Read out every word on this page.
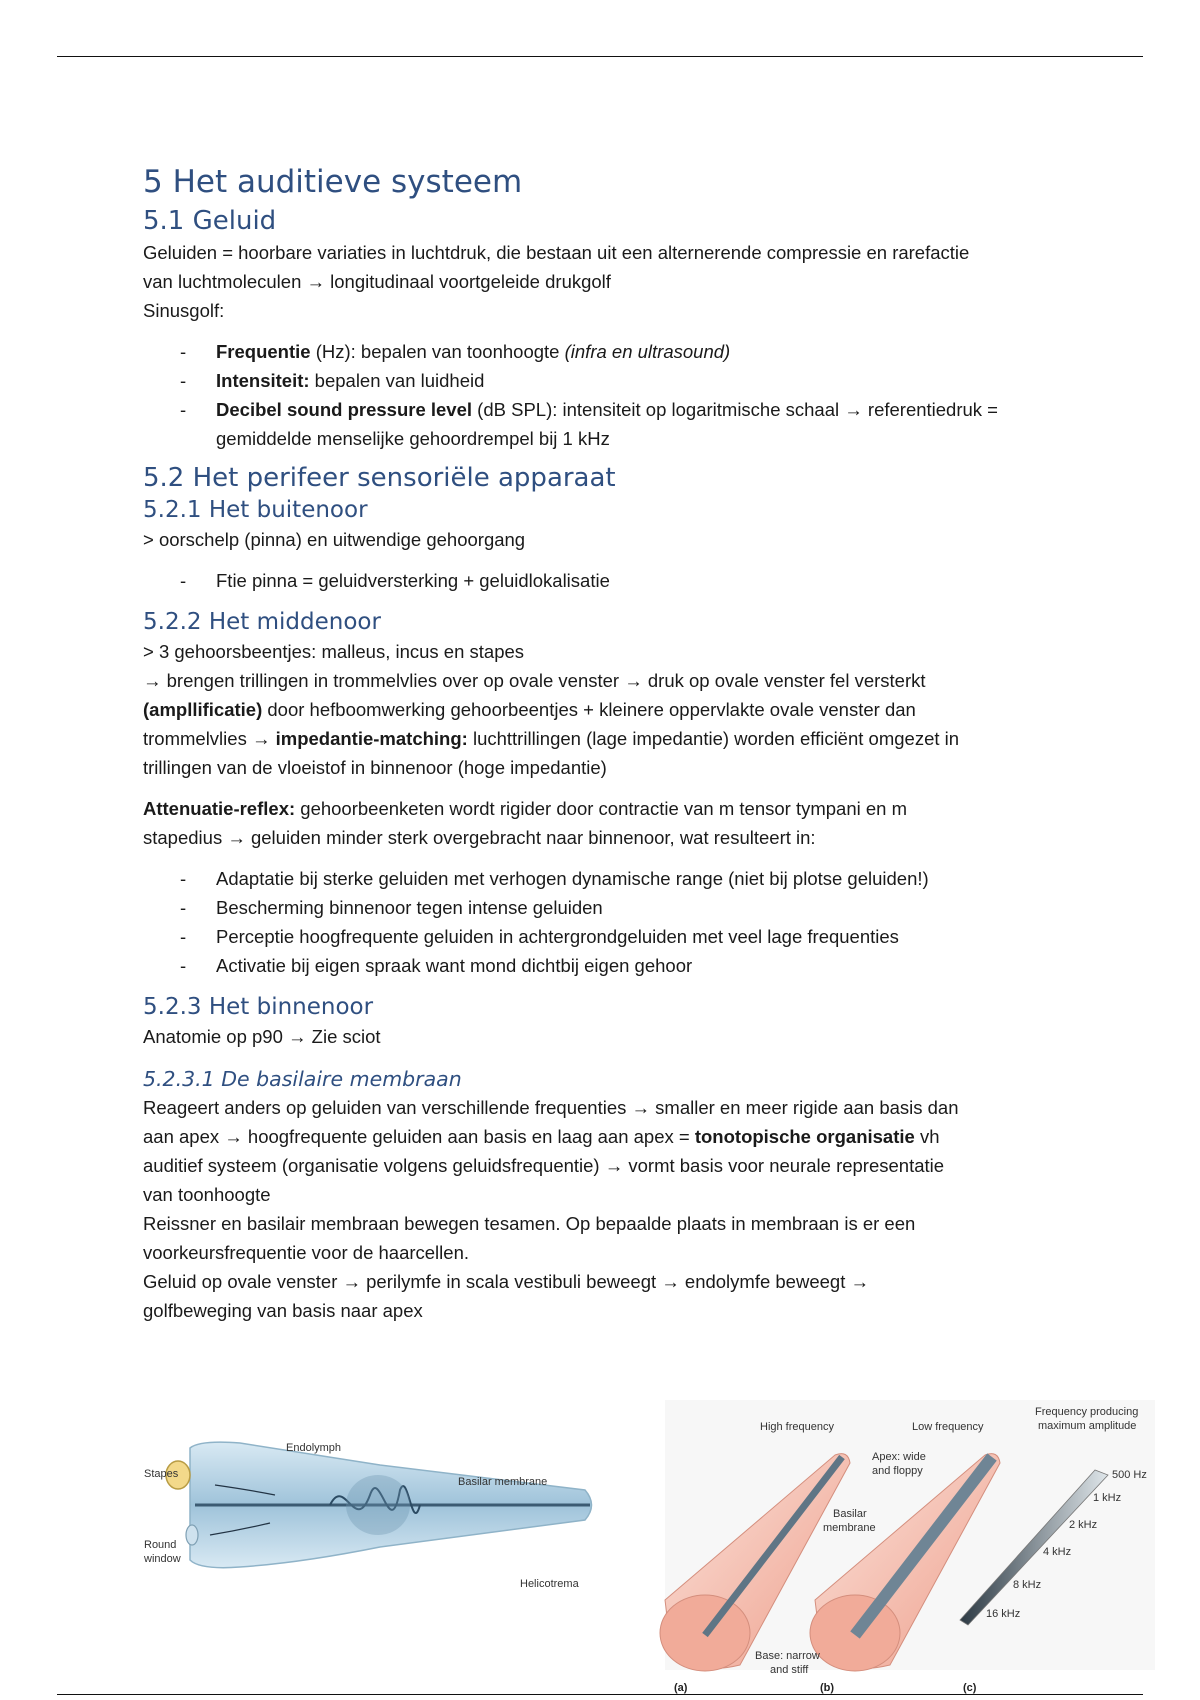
5 Het auditieve systeem
5.1 Geluid

Geluiden = hoorbare variaties in luchtdruk, die bestaan uit een alternerende compressie en rarefactie

van luchtmoleculen → longitudinaal voortgeleide drukgolf

Sinusgolf:

- Frequentie (Hz): bepalen van toonhoogte (infra en ultrasound)
- Intensiteit: bepalen van luidheid
- Decibel sound pressure level (dB SPL): intensiteit op logaritmische schaal → referentiedruk =
gemiddelde menselijke gehoordrempel bij 1 kHz
5.2 Het perifeer sensoriële apparaat
5.2.1 Het buitenoor

> oorschelp (pinna) en uitwendige gehoorgang

- Ftie pinna = geluidversterking + geluidlokalisatie
5.2.2 Het middenoor

> 3 gehoorsbeentjes: malleus, incus en stapes

→ brengen trillingen in trommelvlies over op ovale venster → druk op ovale venster fel versterkt

(ampllificatie) door hefboomwerking gehoorbeentjes + kleinere oppervlakte ovale venster dan

trommelvlies → impedantie-matching: luchttrillingen (lage impedantie) worden efficiënt omgezet in

trillingen van de vloeistof in binnenoor (hoge impedantie)

Attenuatie-reflex: gehoorbeenketen wordt rigider door contractie van m tensor tympani en m

stapedius → geluiden minder sterk overgebracht naar binnenoor, wat resulteert in:

- Adaptatie bij sterke geluiden met verhogen dynamische range (niet bij plotse geluiden!)
- Bescherming binnenoor tegen intense geluiden
- Perceptie hoogfrequente geluiden in achtergrondgeluiden met veel lage frequenties
- Activatie bij eigen spraak want mond dichtbij eigen gehoor
5.2.3 Het binnenoor

Anatomie op p90 → Zie sciot

5.2.3.1 De basilaire membraan

Reageert anders op geluiden van verschillende frequenties → smaller en meer rigide aan basis dan

aan apex → hoogfrequente geluiden aan basis en laag aan apex = tonotopische organisatie vh

auditief systeem (organisatie volgens geluidsfrequentie) → vormt basis voor neurale representatie

van toonhoogte

Reissner en basilair membraan bewegen tesamen. Op bepaalde plaats in membraan is er een

voorkeursfrequentie voor de haarcellen.

Geluid op ovale venster → perilymfe in scala vestibuli beweegt → endolymfe beweegt →

golfbeweging van basis naar apex

Endolymph
Stapes
Basilar membrane
Round
window
Helicotrema
High frequency	Low frequency
Frequency producing
maximum amplitude
Apex: wide
and floppy
Basilar
membrane
Base: narrow
and stiff
500 Hz
1 kHz
2 kHz
4 kHz
8 kHz
16 kHz
(a)	(b)	(c)
